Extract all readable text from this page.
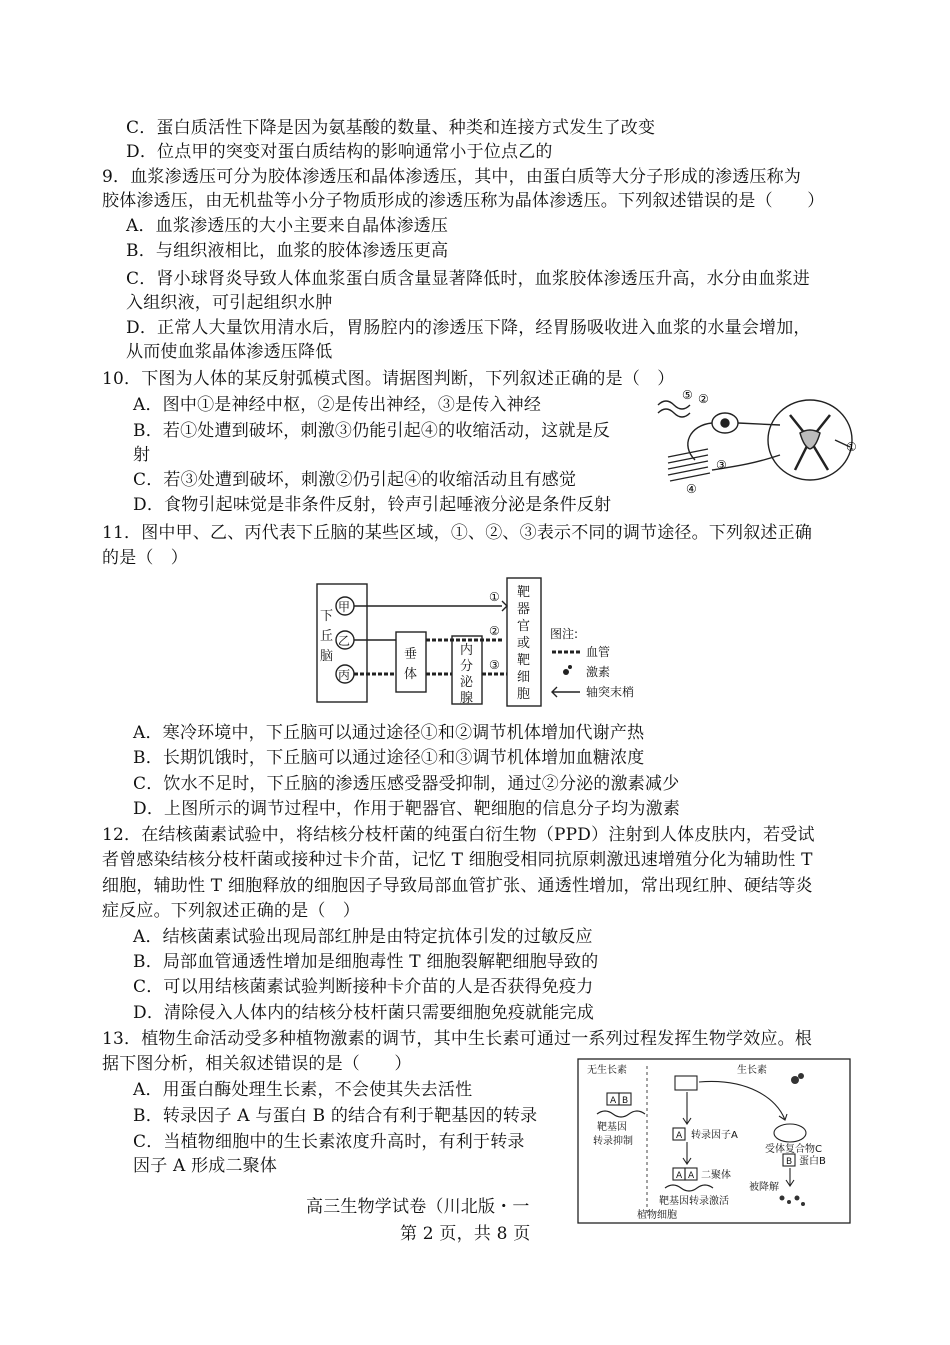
C．蛋白质活性下降是因为氨基酸的数量、种类和连接方式发生了改变
D．位点甲的突变对蛋白质结构的影响通常小于位点乙的
9．血浆渗透压可分为胶体渗透压和晶体渗透压，其中，由蛋白质等大分子形成的渗透压称为
胶体渗透压，由无机盐等小分子物质形成的渗透压称为晶体渗透压。下列叙述错误的是（　　）
A．血浆渗透压的大小主要来自晶体渗透压
B．与组织液相比，血浆的胶体渗透压更高
C．肾小球肾炎导致人体血浆蛋白质含量显著降低时，血浆胶体渗透压升高，水分由血浆进
入组织液，可引起组织水肿
D．正常人大量饮用清水后，胃肠腔内的渗透压下降，经胃肠吸收进入血浆的水量会增加，
从而使血浆晶体渗透压降低
10．下图为人体的某反射弧模式图。请据图判断，下列叙述正确的是（　）
A．图中①是神经中枢，②是传出神经，③是传入神经
B．若①处遭到破坏，刺激③仍能引起④的收缩活动，这就是反
射
C．若③处遭到破坏，刺激②仍引起④的收缩活动且有感觉
D．食物引起味觉是非条件反射，铃声引起唾液分泌是条件反射
⑤ ②
①
③
④
11．图中甲、乙、丙代表下丘脑的某些区域，①、②、③表示不同的调节途径。下列叙述正确
的是（　）
下
丘
脑
甲
乙
丙
垂
体
内
分
泌
腺
靶
器
官
或
靶
细
胞
①
②
③
图注:
血管
激素
轴突末梢
A．寒冷环境中，下丘脑可以通过途径①和②调节机体增加代谢产热
B．长期饥饿时，下丘脑可以通过途径①和③调节机体增加血糖浓度
C．饮水不足时，下丘脑的渗透压感受器受抑制，通过②分泌的激素减少
D．上图所示的调节过程中，作用于靶器官、靶细胞的信息分子均为激素
12．在结核菌素试验中，将结核分枝杆菌的纯蛋白衍生物（PPD）注射到人体皮肤内，若受试
者曾感染结核分枝杆菌或接种过卡介苗，记忆 T 细胞受相同抗原刺激迅速增殖分化为辅助性 T
细胞，辅助性 T 细胞释放的细胞因子导致局部血管扩张、通透性增加，常出现红肿、硬结等炎
症反应。下列叙述正确的是（　）
A．结核菌素试验出现局部红肿是由特定抗体引发的过敏反应
B．局部血管通透性增加是细胞毒性 T 细胞裂解靶细胞导致的
C．可以用结核菌素试验判断接种卡介苗的人是否获得免疫力
D．清除侵入人体内的结核分枝杆菌只需要细胞免疫就能完成
13．植物生命活动受多种植物激素的调节，其中生长素可通过一系列过程发挥生物学效应。根
据下图分析，相关叙述错误的是（　　）
A．用蛋白酶处理生长素，不会使其失去活性
B．转录因子 A 与蛋白 B 的结合有利于靶基因的转录
C．当植物细胞中的生长素浓度升高时，有利于转录
因子 A 形成二聚体
无生长素	生长素
受体复合物C
转录因子A
二聚体
蛋白B
被降解
靶基因
转录抑制
靶基因转录激活
植物细胞
A B
A
A A
B
高三生物学试卷（川北版・一
第 2 页，共 8 页
